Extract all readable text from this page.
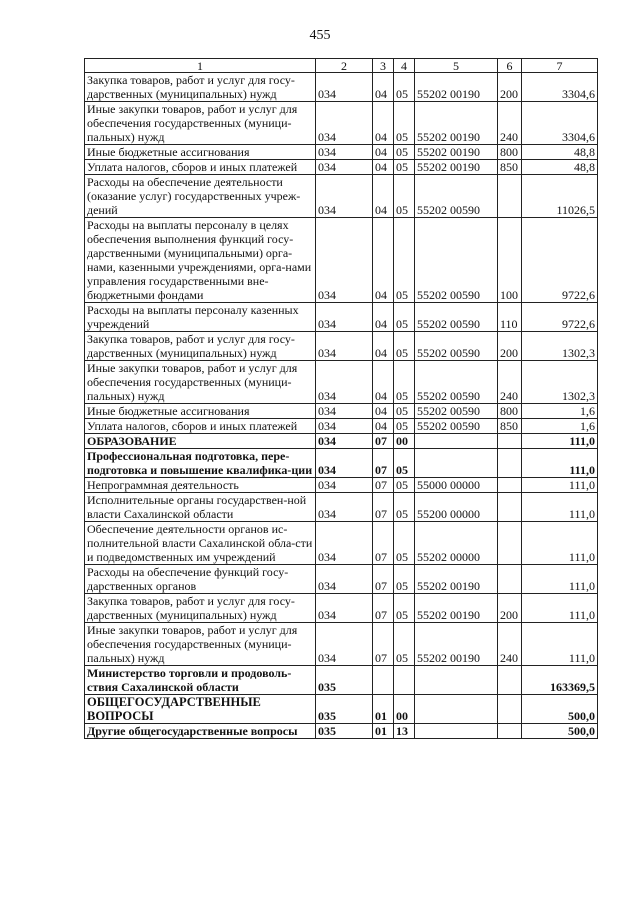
455
1	2	3	4	5	6	7
Закупка товаров, работ и услуг для госу-дарственных (муниципальных) нужд	034	04	05	55202 00190	200	3304,6
Иные закупки товаров, работ и услуг для обеспечения государственных (муници-пальных) нужд	034	04	05	55202 00190	240	3304,6
Иные бюджетные ассигнования	034	04	05	55202 00190	800	48,8
Уплата налогов, сборов и иных платежей	034	04	05	55202 00190	850	48,8
Расходы на обеспечение деятельности (оказание услуг) государственных учреж-дений	034	04	05	55202 00590		11026,5
Расходы на выплаты персоналу в целях обеспечения выполнения функций госу-дарственными (муниципальными) орга-нами, казенными учреждениями, орга-нами управления государственными вне-бюджетными фондами	034	04	05	55202 00590	100	9722,6
Расходы на выплаты персоналу казенных учреждений	034	04	05	55202 00590	110	9722,6
Закупка товаров, работ и услуг для госу-дарственных (муниципальных) нужд	034	04	05	55202 00590	200	1302,3
Иные закупки товаров, работ и услуг для обеспечения государственных (муници-пальных) нужд	034	04	05	55202 00590	240	1302,3
Иные бюджетные ассигнования	034	04	05	55202 00590	800	1,6
Уплата налогов, сборов и иных платежей	034	04	05	55202 00590	850	1,6
ОБРАЗОВАНИЕ	034	07	00			111,0
Профессиональная подготовка, пере-подготовка и повышение квалифика-ции	034	07	05			111,0
Непрограммная деятельность	034	07	05	55000 00000		111,0
Исполнительные органы государствен-ной власти Сахалинской области	034	07	05	55200 00000		111,0
Обеспечение деятельности органов ис-полнительной власти Сахалинской обла-сти и подведомственных им учреждений	034	07	05	55202 00000		111,0
Расходы на обеспечение функций госу-дарственных органов	034	07	05	55202 00190		111,0
Закупка товаров, работ и услуг для госу-дарственных (муниципальных) нужд	034	07	05	55202 00190	200	111,0
Иные закупки товаров, работ и услуг для обеспечения государственных (муници-пальных) нужд	034	07	05	55202 00190	240	111,0
Министерство торговли и продоволь-ствия Сахалинской области	035					163369,5
ОБЩЕГОСУДАРСТВЕННЫЕ ВОПРОСЫ	035	01	00			500,0
Другие общегосударственные вопросы	035	01	13			500,0
